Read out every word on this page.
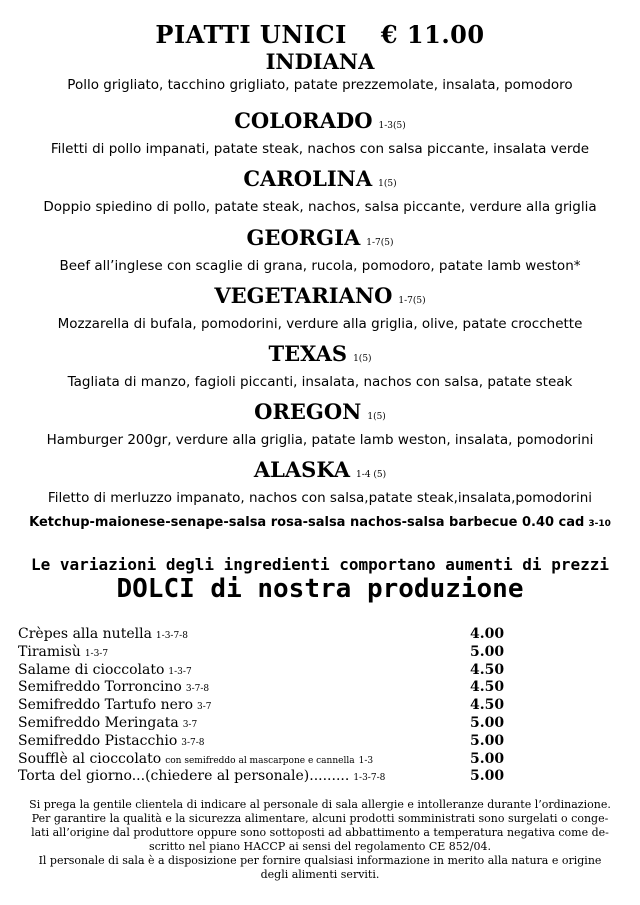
PIATTI UNICI € 11.00
INDIANA
Pollo grigliato, tacchino grigliato, patate prezzemolate, insalata, pomodoro
COLORADO 1-3(5)
Filetti di pollo impanati, patate steak, nachos con salsa piccante, insalata verde
CAROLINA 1(5)
Doppio spiedino di pollo, patate steak, nachos, salsa piccante, verdure alla griglia
GEORGIA 1-7(5)
Beef all’inglese con scaglie di grana, rucola, pomodoro, patate lamb weston*
VEGETARIANO 1-7(5)
Mozzarella di bufala, pomodorini, verdure alla griglia, olive, patate crocchette
TEXAS 1(5)
Tagliata di manzo, fagioli piccanti, insalata, nachos con salsa, patate steak
OREGON 1(5)
Hamburger 200gr, verdure alla griglia, patate lamb weston, insalata, pomodorini
ALASKA 1-4 (5)
Filetto di merluzzo impanato, nachos con salsa,patate steak,insalata,pomodorini
Ketchup-maionese-senape-salsa rosa-salsa nachos-salsa barbecue 0.40 cad 3-10
Le variazioni degli ingredienti comportano aumenti di prezzi
DOLCI di nostra produzione
Crèpes alla nutella 1-3-7-8	4.00
Tiramisù 1-3-7	5.00
Salame di cioccolato 1-3-7	4.50
Semifreddo Torroncino 3-7-8	4.50
Semifreddo Tartufo nero 3-7	4.50
Semifreddo Meringata 3-7	5.00
Semifreddo Pistacchio 3-7-8	5.00
Soufflè al cioccolato con semifreddo al mascarpone e cannella 1-3	5.00
Torta del giorno...(chiedere al personale)......... 1-3-7-8	5.00

Si prega la gentile clientela di indicare al personale di sala allergie e intolleranze durante l’ordinazione.

Per garantire la qualità e la sicurezza alimentare, alcuni prodotti somministrati sono surgelati o conge-

lati all’origine dal produttore oppure sono sottoposti ad abbattimento a temperatura negativa come de-

scritto nel piano HACCP ai sensi del regolamento CE 852/04.

Il personale di sala è a disposizione per fornire qualsiasi informazione in merito alla natura e origine

degli alimenti serviti.
